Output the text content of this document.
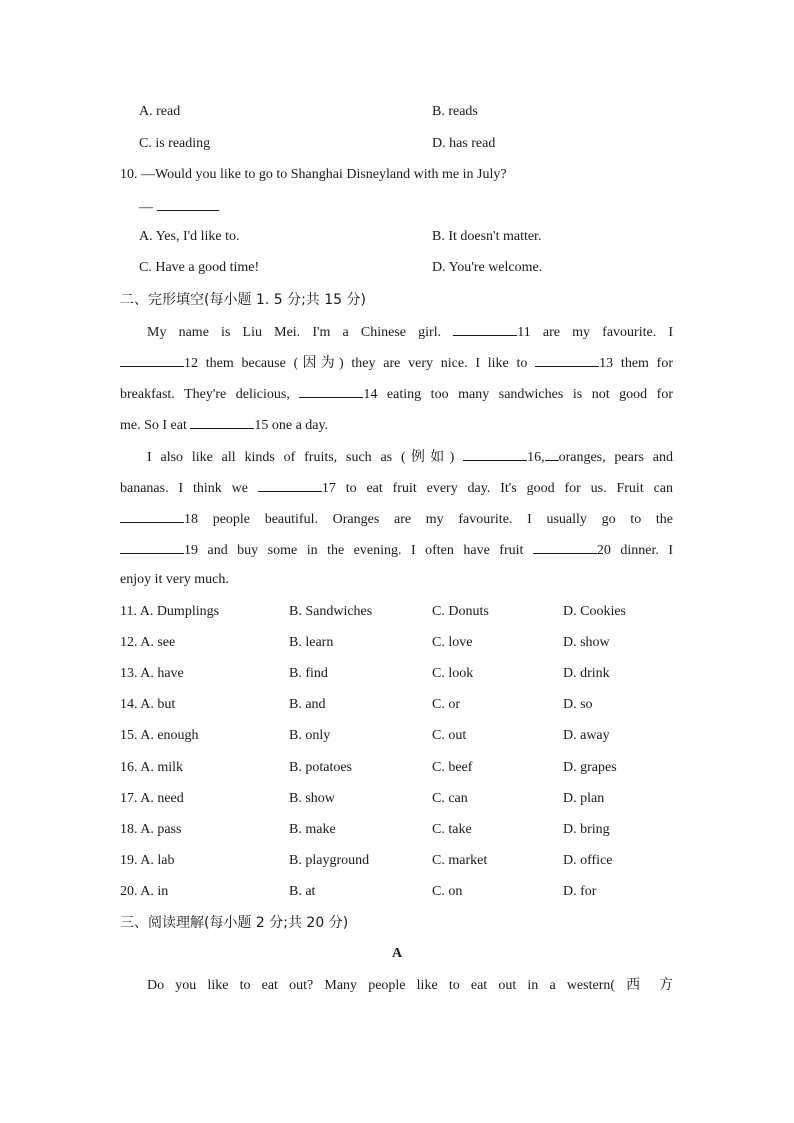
A. read	B. reads
C. is reading	D. has read
10. —Would you like to go to Shanghai Disneyland with me in July?
—
A. Yes, I'd like to.	B. It doesn't matter.
C. Have a good time!	D. You're welcome.
二、完形填空(每小题 1. 5 分;共 15 分)
My name is Liu Mei. I'm a Chinese girl.	11 are my favourite. I
12 them because (因为) they are very nice. I like to	13 them for
breakfast. They're delicious,	14 eating too many sandwiches is not good for
me. So I eat	15 one a day.
I also like all kinds of fruits, such as (例如)	16, oranges, pears and
bananas. I think we	17 to eat fruit every day. It's good for us. Fruit can
18 people beautiful. Oranges are my favourite. I usually go to the
19 and buy some in the evening. I often have fruit	20 dinner. I
enjoy it very much.
11. A. Dumplings	B. Sandwiches	C. Donuts	D. Cookies
12. A. see	B. learn	C. love	D. show
13. A. have	B. find	C. look	D. drink
14. A. but	B. and	C. or	D. so
15. A. enough	B. only	C. out	D. away
16. A. milk	B. potatoes	C. beef	D. grapes
17. A. need	B. show	C. can	D. plan
18. A. pass	B. make	C. take	D. bring
19. A. lab	B. playground	C. market	D. office
20. A. in	B. at	C. on	D. for
三、阅读理解(每小题 2 分;共 20 分)
A
Do you like to eat out? Many people like to eat out in a western( 西 方
